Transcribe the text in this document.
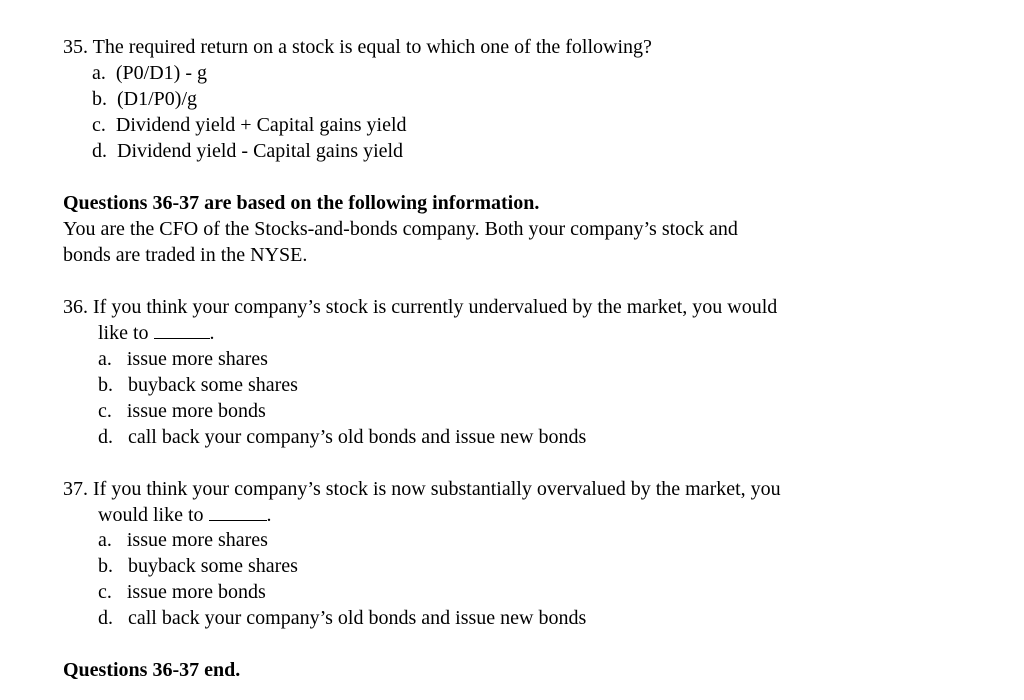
35. The required return on a stock is equal to which one of the following?
a.  (P0/D1) - g
b.  (D1/P0)/g
c.  Dividend yield + Capital gains yield
d.  Dividend yield - Capital gains yield
Questions 36-37 are based on the following information.
You are the CFO of the Stocks-and-bonds company. Both your company’s stock and
bonds are traded in the NYSE.
36. If you think your company’s stock is currently undervalued by the market, you would
like to	.
a.   issue more shares
b.   buyback some shares
c.   issue more bonds
d.   call back your company’s old bonds and issue new bonds
37. If you think your company’s stock is now substantially overvalued by the market, you
would like to	.
a.   issue more shares
b.   buyback some shares
c.   issue more bonds
d.   call back your company’s old bonds and issue new bonds
Questions 36-37 end.
